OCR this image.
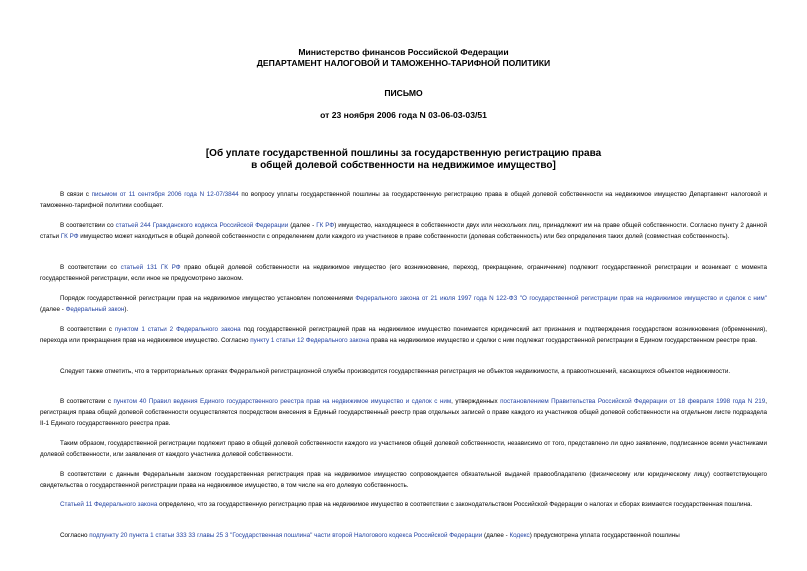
Министерство финансов Российской Федерации
ДЕПАРТАМЕНТ НАЛОГОВОЙ И ТАМОЖЕННО-ТАРИФНОЙ ПОЛИТИКИ
ПИСЬМО
от 23 ноября 2006 года N 03-06-03-03/51
[Об уплате государственной пошлины за государственную регистрацию права
в общей долевой собственности на недвижимое имущество]

В связи с письмом от 11 сентября 2006 года N 12-07/3844 по вопросу уплаты государственной пошлины за государственную регистрацию права в общей долевой собственности на недвижимое имущество Департамент налоговой и таможенно-тарифной политики сообщает.

В соответствии со статьей 244 Гражданского кодекса Российской Федерации (далее - ГК РФ) имущество, находящееся в собственности двух или нескольких лиц, принадлежит им на праве общей собственности. Согласно пункту 2 данной статьи ГК РФ имущество может находиться в общей долевой собственности с определением доли каждого из участников в праве собственности (долевая собственность) или без определения таких долей (совместная собственность).

В соответствии со статьей 131 ГК РФ право общей долевой собственности на недвижимое имущество (его возникновение, переход, прекращение, ограничение) подлежит государственной регистрации и возникает с момента государственной регистрации, если иное не предусмотрено законом.

Порядок государственной регистрации прав на недвижимое имущество установлен положениями Федерального закона от 21 июля 1997 года N 122-ФЗ "О государственной регистрации прав на недвижимое имущество и сделок с ним" (далее - Федеральный закон).

В соответствии с пунктом 1 статьи 2 Федерального закона под государственной регистрацией прав на недвижимое имущество понимается юридический акт признания и подтверждения государством возникновения (обременения), перехода или прекращения прав на недвижимое имущество. Согласно пункту 1 статьи 12 Федерального закона права на недвижимое имущество и сделки с ним подлежат государственной регистрации в Едином государственном реестре прав.

Следует также отметить, что в территориальных органах Федеральной регистрационной службы производится государственная регистрация не объектов недвижимости, а правоотношений, касающихся объектов недвижимости.

В соответствии с пунктом 40 Правил ведения Единого государственного реестра прав на недвижимое имущество и сделок с ним, утвержденных постановлением Правительства Российской Федерации от 18 февраля 1998 года N 219, регистрация права общей долевой собственности осуществляется посредством внесения в Единый государственный реестр прав отдельных записей о праве каждого из участников общей долевой собственности на отдельном листе подраздела II-1 Единого государственного реестра прав.

Таким образом, государственной регистрации подлежит право в общей долевой собственности каждого из участников общей долевой собственности, независимо от того, представлено ли одно заявление, подписанное всеми участниками долевой собственности, или заявления от каждого участника долевой собственности.

В соответствии с данным Федеральным законом государственная регистрация прав на недвижимое имущество сопровождается обязательной выдачей правообладателю (физическому или юридическому лицу) соответствующего свидетельства о государственной регистрации права на недвижимое имущество, в том числе на его долевую собственность.

Статьей 11 Федерального закона определено, что за государственную регистрацию прав на недвижимое имущество в соответствии с законодательством Российской Федерации о налогах и сборах взимается государственная пошлина.

Согласно подпункту 20 пункта 1 статьи 333 33 главы 25 3 "Государственная пошлина" части второй Налогового кодекса Российской Федерации (далее - Кодекс) предусмотрена уплата государственной пошлины
